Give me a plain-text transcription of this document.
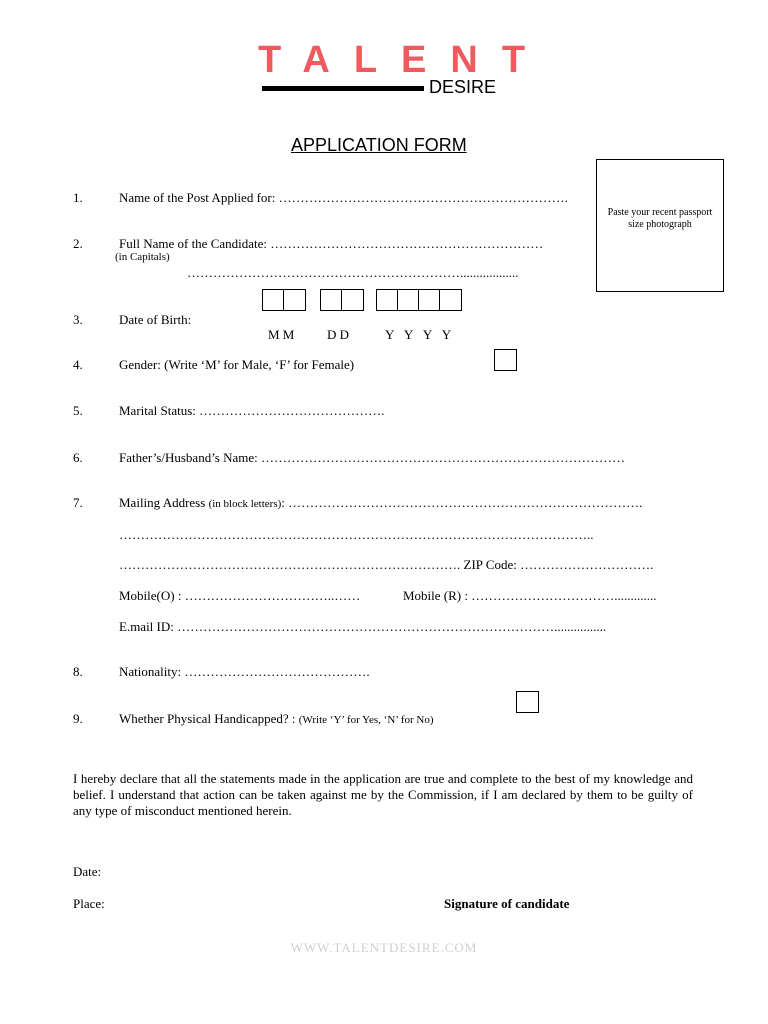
TALENT
DESIRE
APPLICATION FORM
Paste your recent passport size photograph
1.	Name of the Post Applied for: ………………………………………………………….
2.	Full Name of the Candidate: ………………………………………………………
(in Capitals)
………………………………………………………..................
3.	Date of Birth:
M M	D D	Y  Y  Y  Y
4.	Gender: (Write ‘M’ for Male, ‘F’ for Female)
5.	Marital Status: …………………………………….
6.	Father’s/Husband’s Name: …………………………………………………………………………
7.	Mailing Address (in block letters): ……………………………………………………………………….
………………………………………………………………………………………………..
……………………………………………………………………. ZIP Code: ………………………….
Mobile(O) : ……………………………..……	Mobile (R) : …………………………….............
E.mail ID: ……………………………………………………………………………................
8.	Nationality: …………………………………….
9.	Whether Physical Handicapped? : (Write ‘Y’ for Yes, ‘N’ for No)
I hereby declare that all the statements made in the application are true and complete to the best of my knowledge and belief. I understand that action can be taken against me by the Commission, if I am declared by them to be guilty of any type of misconduct mentioned herein.
Date:
Place:	Signature of candidate
WWW.TALENTDESIRE.COM
